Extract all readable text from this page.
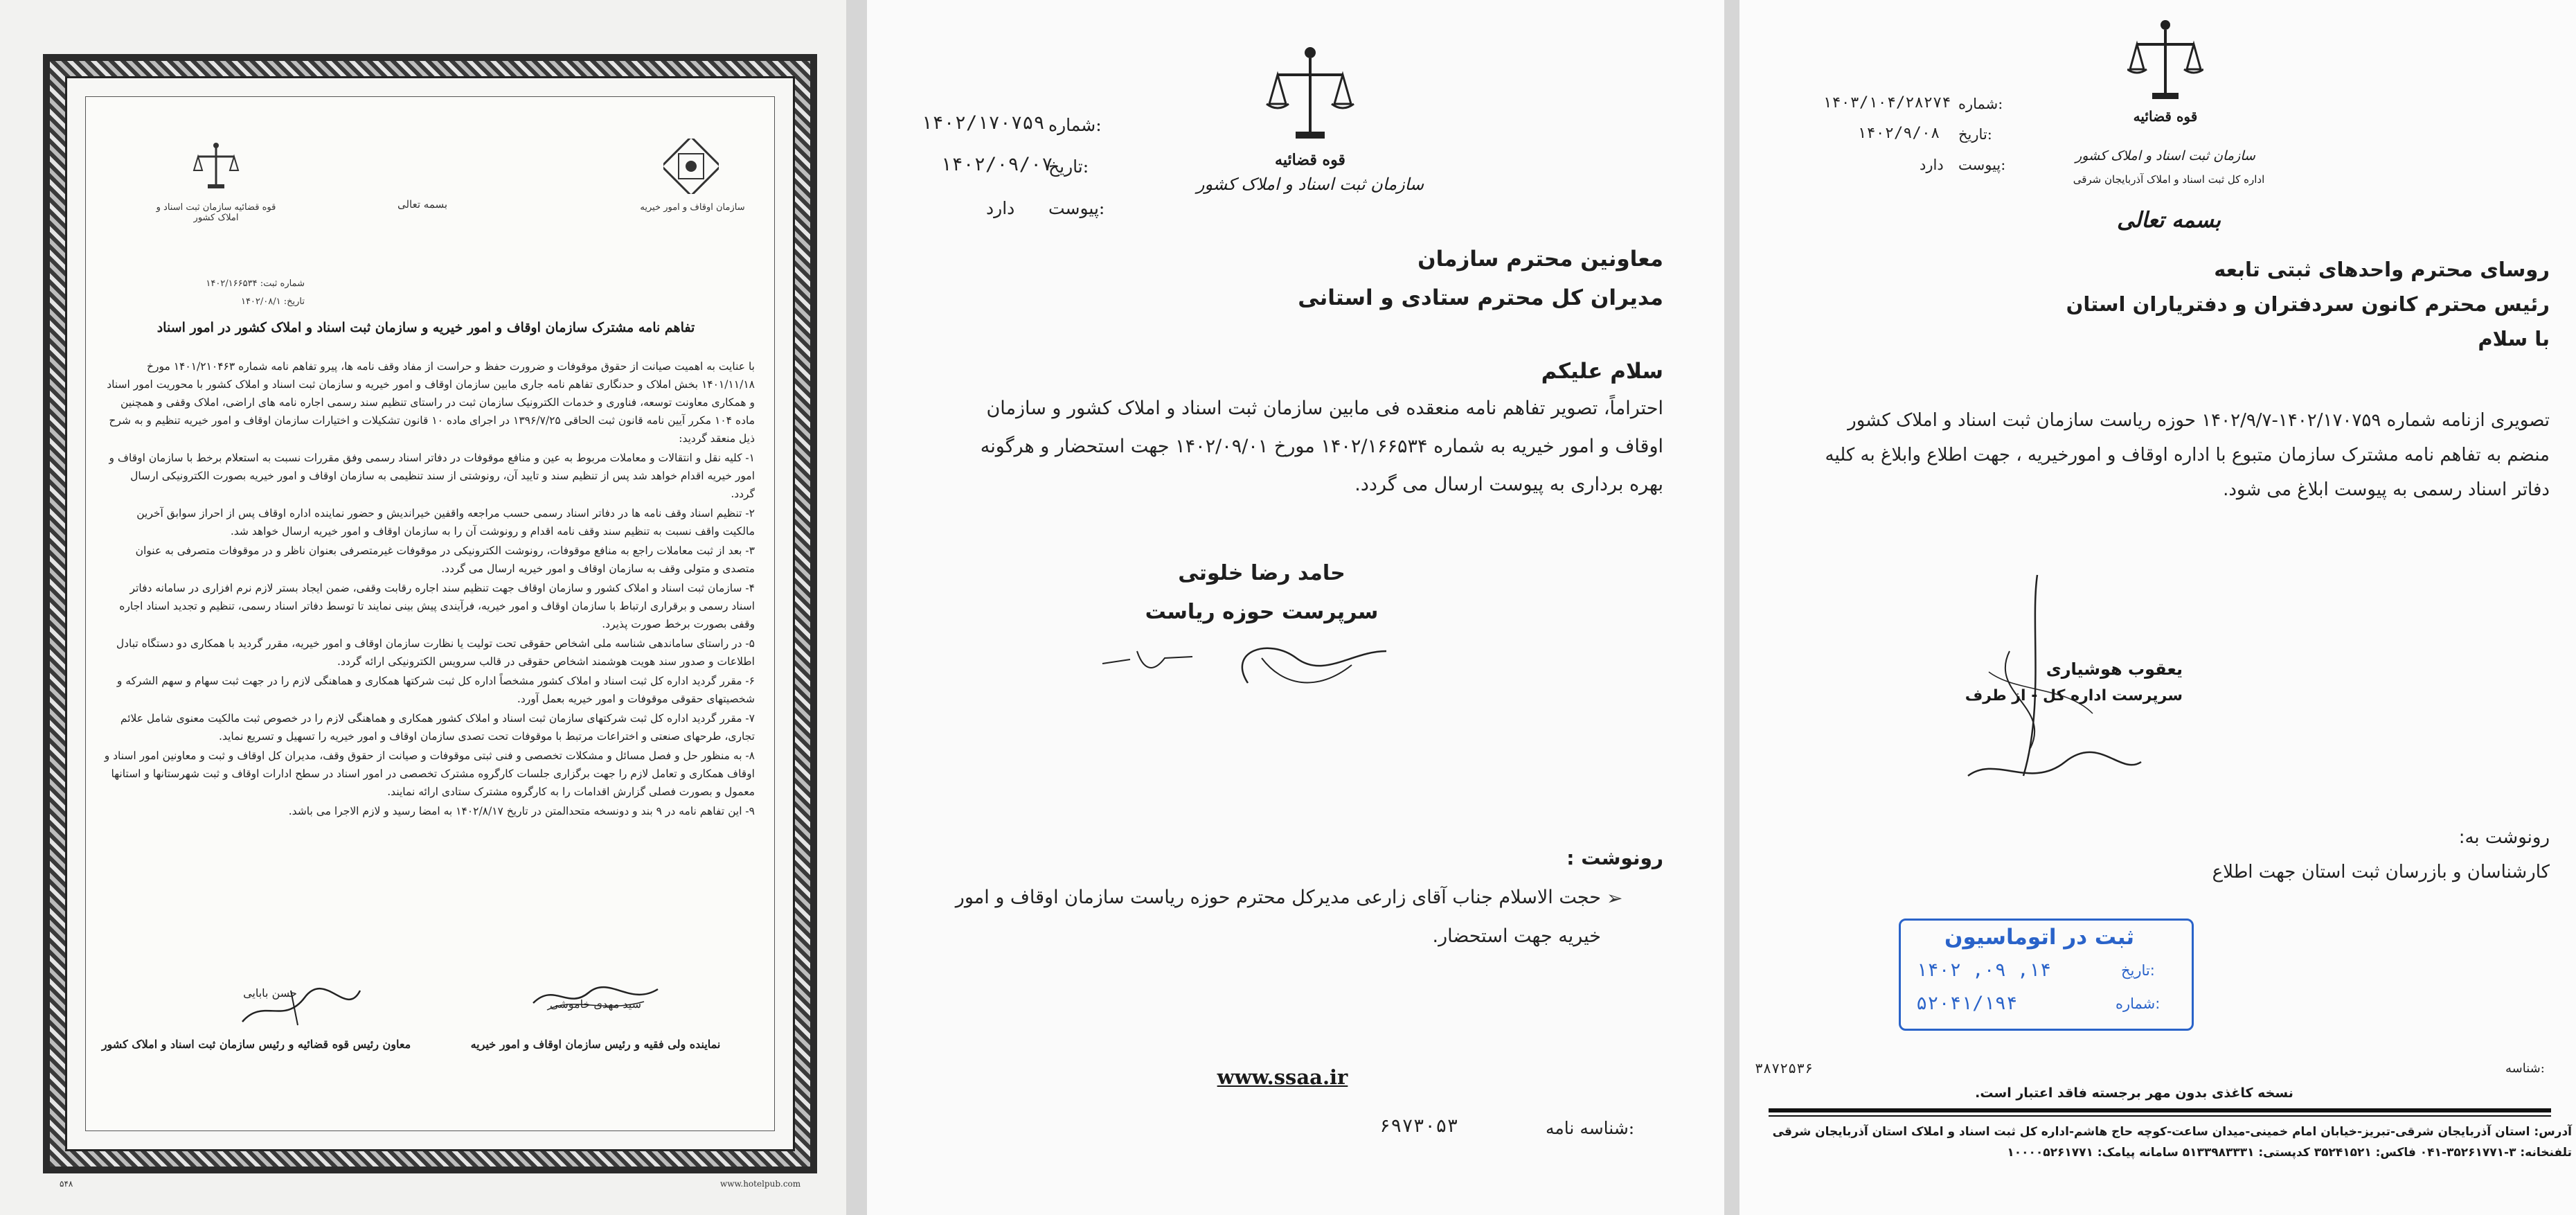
سازمان اوقاف و امور خیریه
قوه قضائیه سازمان ثبت اسناد و املاک کشور
بسمه تعالی
شماره ثبت: ۱۴۰۲/۱۶۶۵۳۴
تاریخ: ۱۴۰۲/۰۸/۱
تفاهم نامه مشترک سازمان اوقاف و امور خیریه و سازمان ثبت اسناد و املاک کشور در امور اسناد

با عنایت به اهمیت صیانت از حقوق موقوفات و ضرورت حفظ و حراست از مفاد وقف نامه ها، پیرو تفاهم نامه شماره ۱۴۰۱/۲۱۰۴۶۳ مورخ ۱۴۰۱/۱۱/۱۸ بخش املاک و حدنگاری تفاهم نامه جاری مابین سازمان اوقاف و امور خیریه و سازمان ثبت اسناد و املاک کشور با محوریت امور اسناد و همکاری معاونت توسعه، فناوری و خدمات الکترونیک سازمان ثبت در راستای تنظیم سند رسمی اجاره نامه های اراضی، املاک وقفی و همچنین ماده ۱۰۴ مکرر آیین نامه قانون ثبت الحاقی ۱۳۹۶/۷/۲۵ در اجرای ماده ۱۰ قانون تشکیلات و اختیارات سازمان اوقاف و امور خیریه تنظیم و به شرح ذیل منعقد گردید:

۱- کلیه نقل و انتقالات و معاملات مربوط به عین و منافع موقوفات در دفاتر اسناد رسمی وفق مقررات نسبت به استعلام برخط با سازمان اوقاف و امور خیریه اقدام خواهد شد پس از تنظیم سند و تایید آن، رونوشتی از سند تنظیمی به سازمان اوقاف و امور خیریه بصورت الکترونیکی ارسال گردد.

۲- تنظیم اسناد وقف نامه ها در دفاتر اسناد رسمی حسب مراجعه واقفین خیراندیش و حضور نماینده اداره اوقاف پس از احراز سوابق آخرین مالکیت واقف نسبت به تنظیم سند وقف نامه اقدام و رونوشت آن را به سازمان اوقاف و امور خیریه ارسال خواهد شد.

۳- بعد از ثبت معاملات راجع به منافع موقوفات، رونوشت الکترونیکی در موقوفات غیرمتصرفی بعنوان ناظر و در موقوفات متصرفی به عنوان متصدی و متولی وقف به سازمان اوقاف و امور خیریه ارسال می گردد.

۴- سازمان ثبت اسناد و املاک کشور و سازمان اوقاف جهت تنظیم سند اجاره رقابت وقفی، ضمن ایجاد بستر لازم نرم افزاری در سامانه دفاتر اسناد رسمی و برقراری ارتباط با سازمان اوقاف و امور خیریه، فرآیندی پیش بینی نمایند تا توسط دفاتر اسناد رسمی، تنظیم و تجدید اسناد اجاره وقفی بصورت برخط صورت پذیرد.

۵- در راستای ساماندهی شناسه ملی اشخاص حقوقی تحت تولیت یا نظارت سازمان اوقاف و امور خیریه، مقرر گردید با همکاری دو دستگاه تبادل اطلاعات و صدور سند هویت هوشمند اشخاص حقوقی در قالب سرویس الکترونیکی ارائه گردد.

۶- مقرر گردید اداره کل ثبت اسناد و املاک کشور مشخصاً اداره کل ثبت شرکتها همکاری و هماهنگی لازم را در جهت ثبت سهام و سهم الشرکه و شخصیتهای حقوقی موقوفات و امور خیریه بعمل آورد.

۷- مقرر گردید اداره کل ثبت شرکتهای سازمان ثبت اسناد و املاک کشور همکاری و هماهنگی لازم را در خصوص ثبت مالکیت معنوی شامل علائم تجاری، طرحهای صنعتی و اختراعات مرتبط با موقوفات تحت تصدی سازمان اوقاف و امور خیریه را تسهیل و تسریع نماید.

۸- به منظور حل و فصل مسائل و مشکلات تخصصی و فنی ثبتی موقوفات و صیانت از حقوق وقف، مدیران کل اوقاف و ثبت و معاونین امور اسناد و اوقاف همکاری و تعامل لازم را جهت برگزاری جلسات کارگروه مشترک تخصصی در امور اسناد در سطح ادارات اوقاف و ثبت شهرستانها و استانها معمول و بصورت فصلی گزارش اقدامات را به کارگروه مشترک ستادی ارائه نمایند.

۹- این تفاهم نامه در ۹ بند و دونسخه متحدالمتن در تاریخ ۱۴۰۲/۸/۱۷ به امضا رسید و لازم الاجرا می باشد.

سید مهدی خاموشی
نماینده ولی فقیه و رئیس سازمان اوقاف و امور خیریه
حسن بابایی
معاون رئیس قوه قضائیه و رئیس سازمان ثبت اسناد و املاک کشور
۵۴۸	www.hotelpub.com
قوه قضائیه
سازمان ثبت اسناد و املاک کشور
۱۴۰۲/۱۷۰۷۵۹ شماره:
۱۴۰۲/۰۹/۰۷
تاریخ:
دارد پیوست:
معاونین محترم سازمان
مدیران کل محترم ستادی و استانی
سلام علیکم
احتراماً، تصویر تفاهم نامه منعقده فی مابین سازمان ثبت اسناد و املاک کشور و سازمان اوقاف و امور خیریه به شماره ۱۴۰۲/۱۶۶۵۳۴ مورخ ۱۴۰۲/۰۹/۰۱ جهت استحضار و هرگونه بهره برداری به پیوست ارسال می گردد.
حامد رضا خلوتی
سرپرست حوزه ریاست
رونوشت :
➢
حجت الاسلام جناب آقای زارعی مدیرکل محترم حوزه ریاست سازمان اوقاف و امور خیریه جهت استحضار.
www.ssaa.ir
۶۹۷۳۰۵۳	شناسه نامه:
قوه قضائیه
سازمان ثبت اسناد و املاک کشور
اداره کل ثبت اسناد و املاک آذربایجان شرقی
بسمه تعالی
۱۴۰۳/۱۰۴/۲۸۲۷۴ شماره:
۱۴۰۲/۹/۰۸ تاریخ:
دارد پیوست:
روسای محترم واحدهای ثبتی تابعه
رئیس محترم کانون سردفتران و دفتریاران استان
با سلام
تصویری ازنامه شماره ۱۴۰۲/۱۷۰۷۵۹-۱۴۰۲/۹/۷ حوزه ریاست سازمان ثبت اسناد و املاک کشور منضم به تفاهم نامه مشترک سازمان متبوع با اداره اوقاف و امورخیریه ، جهت اطلاع وابلاغ به کلیه دفاتر اسناد رسمی به پیوست ابلاغ می شود.
یعقوب هوشیاری
سرپرست اداره کل - از طرف
رونوشت به:
کارشناسان و بازرسان ثبت استان جهت اطلاع
ثبت در اتوماسیون
۱۴۰۲ ,۰۹ ,۱۴	تاریخ:
۵۲۰۴۱/۱۹۴	شماره:
۳۸۷۲۵۳۶	شناسه:
نسخه کاغذی بدون مهر برجسته فاقد اعتبار است.
آدرس: استان آذربایجان شرقی-تبریز-خیابان امام خمینی-میدان ساعت-کوچه حاج هاشم-اداره کل ثبت اسناد و املاک استان آذربایجان شرقی
تلفنخانه: ۳-۳۵۲۶۱۷۷۱-۰۴۱ فاکس: ۳۵۲۴۱۵۲۱ کدپستی: ۵۱۳۳۹۸۳۳۳۱ سامانه پیامک: ۱۰۰۰۰۵۲۶۱۷۷۱
